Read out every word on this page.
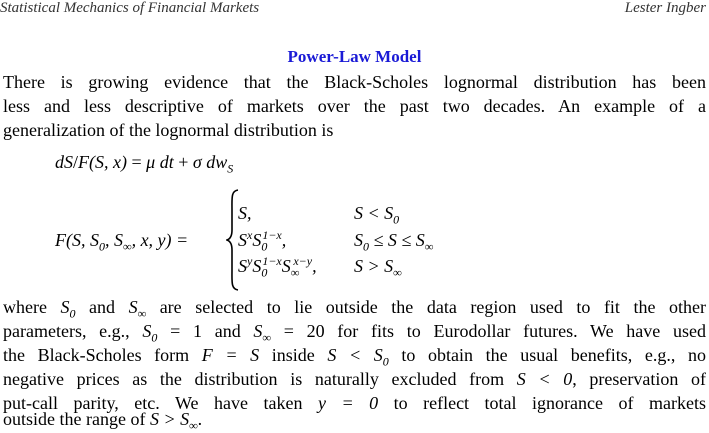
Statistical Mechanics of Financial Markets	Lester Ingber
Power-Law Model
There is growing evidence that the Black-Scholes lognormal distribution has been
less and less descriptive of markets over the past two decades. An example of a
generalization of the lognormal distribution is
dS/F(S, x) = μ dt + σ $dw_S$
F(S, $S_0$, $S_\infty$, x, y) =
S,	$S < S_0$
$S^xS_0^{1-x}$,	$S_0 \le S \le S_\infty$
$S^yS_0^{1-x}S_\infty^{x-y}$, $S > S_\infty$
where $S_0$ and $S_\infty$ are selected to lie outside the data region used to fit the other
parameters, e.g., $S_0 = 1$ and $S_\infty = 20$ for fits to Eurodollar futures. We have used
the Black-Scholes form F = S inside $S < S_0$ to obtain the usual benefits, e.g., no
negative prices as the distribution is naturally excluded from S < 0, preservation of
put-call parity, etc. We have taken y = 0 to reflect total ignorance of markets
outside the range of $S > S_\infty$.
